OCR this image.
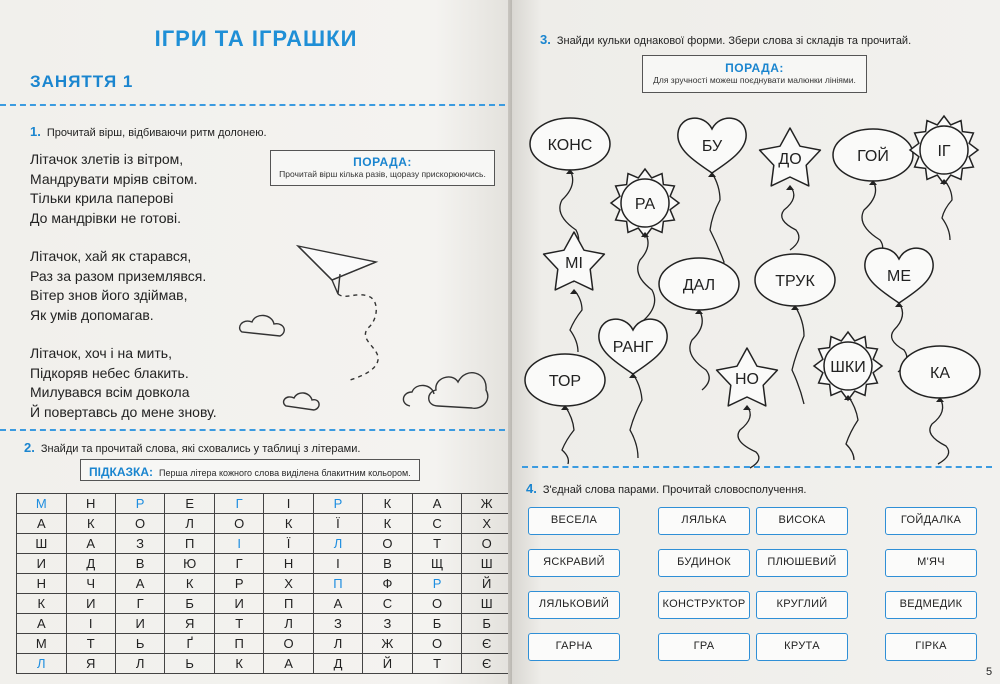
ІГРИ ТА ІГРАШКИ
ЗАНЯТТЯ 1
1. Прочитай вірш, відбиваючи ритм долонею.
Літачок злетів із вітром,
Мандрувати мріяв світом.
Тільки крила паперові
До мандрівки не готові.
Літачок, хай як старався,
Раз за разом приземлявся.
Вітер знов його здіймав,
Як умів допомагав.
Літачок, хоч і на мить,
Підкоряв небес блакить.
Милувався всім довкола
Й повертавсь до мене знову.
ПОРАДА:
Прочитай вірш кілька разів, щоразу прискорюючись.
2. Знайди та прочитай слова, які сховались у таблиці з літерами.
ПІДКАЗКА: Перша літера кожного слова виділена блакитним кольором.
М	Н	Р	Е	Г	І	Р	К	А	Ж
А	К	О	Л	О	К	Ї	К	С	Х
Ш	А	З	П	І	Ї	Л	О	Т	О
И	Д	В	Ю	Г	Н	І	В	Щ	Ш
Н	Ч	А	К	Р	Х	П	Ф	Р	Й
К	И	Г	Б	И	П	А	С	О	Ш
А	І	И	Я	Т	Л	З	З	Б	Б
М	Т	Ь	Ґ	П	О	Л	Ж	О	Є
Л	Я	Л	Ь	К	А	Д	Й	Т	Є
3. Знайди кульки однакової форми. Збери слова зі складів та прочитай.
ПОРАДА:
Для зручності можеш поєднувати малюнки лініями.
4. З'єднай слова парами. Прочитай словосполучення.
ВЕСЕЛА	ЛЯЛЬКА	ВИСОКА	ГОЙДАЛКА
ЯСКРАВИЙ	БУДИНОК	ПЛЮШЕВИЙ	М'ЯЧ
ЛЯЛЬКОВИЙ	КОНСТРУКТОР	КРУГЛИЙ	ВЕДМЕДИК
ГАРНА	ГРА	КРУТА	ГІРКА
5
КОНС	БУ
ДО	ГОЙ	ІГ
РА
МІ
ДАЛ	ТРУК	МЕ
РАНГ
ТОР	НО
ШКИ	КА
